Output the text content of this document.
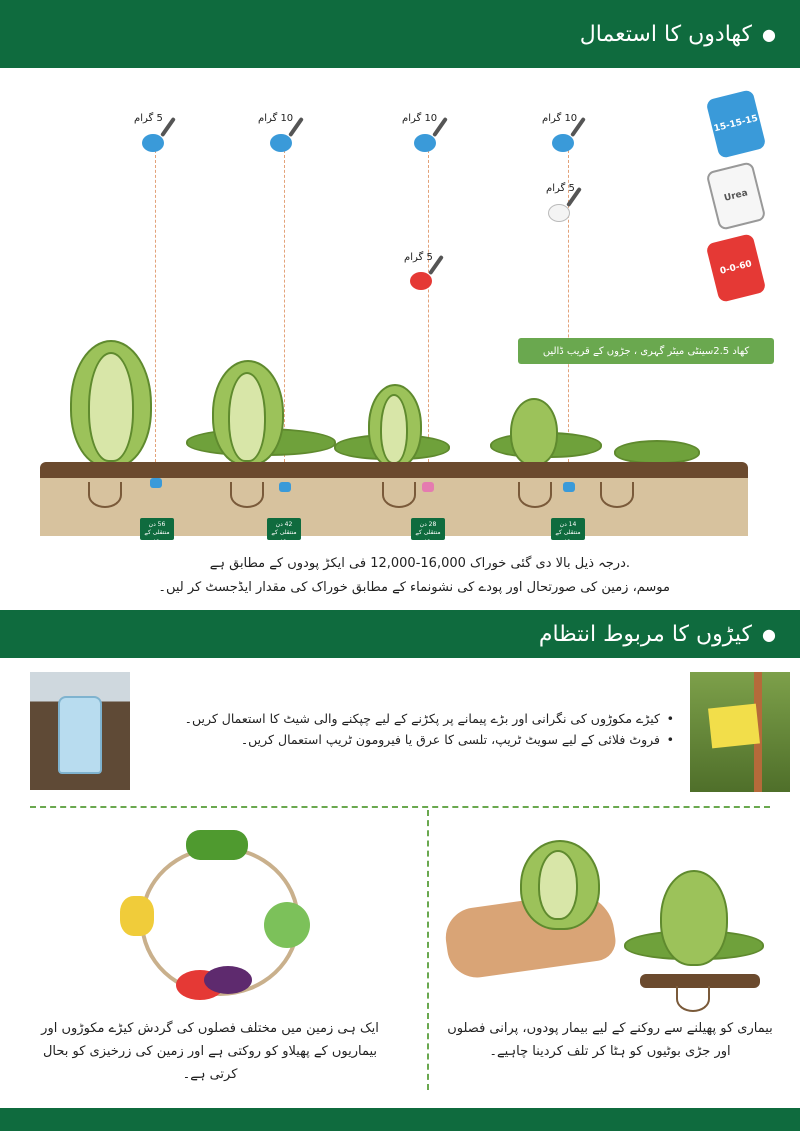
●
کھادوں کا استعمال
5 گرام	10 گرام	10 گرام
5 گرام
10 گرام
5 گرام
15-15-15
Urea
0-0-60
کھاد 2.5سینٹی میٹر گہری ، جڑوں کے قریب ڈالیں
56 دن منتقلی کے بعد
42 دن منتقلی کے بعد
28 دن منتقلی کے بعد
14 دن منتقلی کے بعد
.درجہ ذیل بالا دی گئی خوراک 16,000-12,000 فی ایکڑ پودوں کے مطابق ہے
موسم، زمین کی صورتحال اور پودے کی نشونماء کے مطابق خوراک کی مقدار ایڈجسٹ کر لیں۔
●
کیڑوں کا مربوط انتظام
• کیڑے مکوڑوں کی نگرانی اور بڑے پیمانے پر پکڑنے کے لیے چپکنے والی شیٹ کا استعمال کریں۔
• فروٹ فلائی کے لیے سویٹ ٹریپ، تلسی کا عرق یا فیرومون ٹریپ استعمال کریں۔
ایک ہی زمین میں مختلف فصلوں کی گردش کیڑے مکوڑوں اور بیماریوں کے پھیلاو کو روکتی ہے اور زمین کی زرخیزی کو بحال کرتی ہے۔
بیماری کو پھیلنے سے روکنے کے لیے بیمار پودوں، پرانی فصلوں اور جڑی بوٹیوں کو ہٹا کر تلف کردینا چاہیے۔
